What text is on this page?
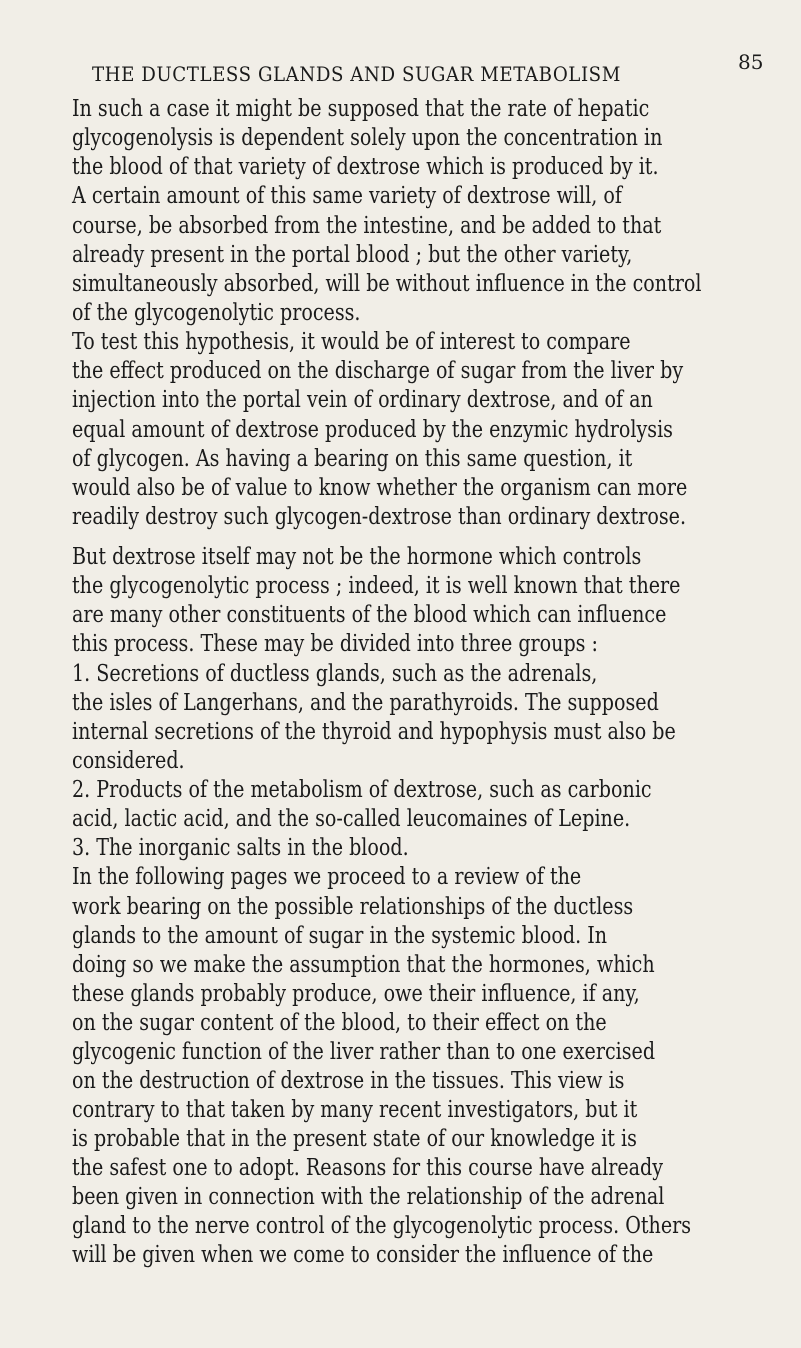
THE DUCTLESS GLANDS AND SUGAR METABOLISM	85
In such a case it might be supposed that the rate of hepatic
glycogenolysis is dependent solely upon the concentration in
the blood of that variety of dextrose which is produced by it.
A certain amount of this same variety of dextrose will, of
course, be absorbed from the intestine, and be added to that
already present in the portal blood ; but the other variety,
simultaneously absorbed, will be without influence in the control
of the glycogenolytic process.
To test this hypothesis, it would be of interest to compare
the effect produced on the discharge of sugar from the liver by
injection into the portal vein of ordinary dextrose, and of an
equal amount of dextrose produced by the enzymic hydrolysis
of glycogen. As having a bearing on this same question, it
would also be of value to know whether the organism can more
readily destroy such glycogen-dextrose than ordinary dextrose.
But dextrose itself may not be the hormone which controls
the glycogenolytic process ; indeed, it is well known that there
are many other constituents of the blood which can influence
this process. These may be divided into three groups :
1. Secretions of ductless glands, such as the adrenals,
the isles of Langerhans, and the parathyroids. The supposed
internal secretions of the thyroid and hypophysis must also be
considered.
2. Products of the metabolism of dextrose, such as carbonic
acid, lactic acid, and the so-called leucomaines of Lepine.
3. The inorganic salts in the blood.
In the following pages we proceed to a review of the
work bearing on the possible relationships of the ductless
glands to the amount of sugar in the systemic blood. In
doing so we make the assumption that the hormones, which
these glands probably produce, owe their influence, if any,
on the sugar content of the blood, to their effect on the
glycogenic function of the liver rather than to one exercised
on the destruction of dextrose in the tissues. This view is
contrary to that taken by many recent investigators, but it
is probable that in the present state of our knowledge it is
the safest one to adopt. Reasons for this course have already
been given in connection with the relationship of the adrenal
gland to the nerve control of the glycogenolytic process. Others
will be given when we come to consider the influence of the
